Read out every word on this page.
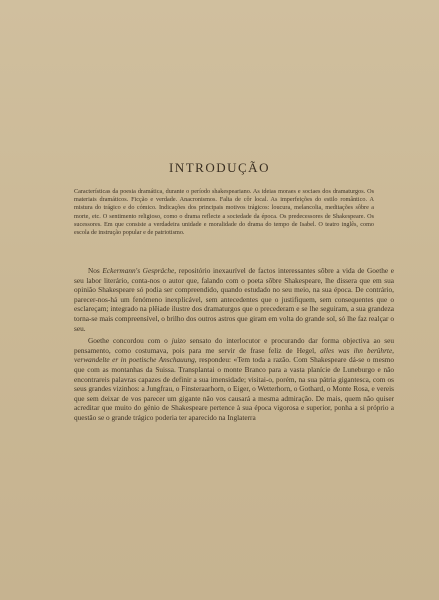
INTRODUÇÃO

Características da poesia dramática, durante o período shakespeariano. As ideias moraes e sociaes dos dramaturgos. Os materiais dramáticos. Ficção e verdade. Anacronismos. Falta de côr local. As imperfeições do estilo romântico. A mistura do trágico e do cómico. Indicações dos principais motivos trágicos: loucura, melancolia, meditações sôbre a morte, etc. O sentimento religioso, como o drama reflecte a sociedade da época. Os predecessores de Shakespeare. Os sucessores. Em que consiste a verdadeira unidade e moralidade do drama do tempo de Isabel. O teatro inglês, como escola de instrução popular e de patriotismo.

Nos Eckermann's Gespräche, repositório inexaurível de factos interessantes sôbre a vida de Goethe e seu labor literário, conta-nos o autor que, falando com o poeta sôbre Shakespeare, lhe dissera que em sua opinião Shakespeare só podia ser compreendido, quando estudado no seu meio, na sua época. De contrário, parecer-nos-há um fenómeno inexplicável, sem antecedentes que o justifiquem, sem consequentes que o esclareçam; integrado na plêiade ilustre dos dramaturgos que o precederam e se lhe seguiram, a sua grandeza torna-se mais compreensível, o brilho dos outros astros que giram em volta do grande sol, só lhe faz realçar o seu.

Goethe concordou com o juizo sensato do interlocutor e procurando dar forma objectiva ao seu pensamento, como costumava, pois para me servir de frase feliz de Hegel, alles was ihn berührte, verwandelte er in poetische Anschauung, respondeu: «Tem toda a razão. Com Shakespeare dá-se o mesmo que com as montanhas da Suissa. Transplantai o monte Branco para a vasta planície de Luneburgo e não encontrareis palavras capazes de definir a sua imensidade; visitai-o, porém, na sua pátria gigantesca, com os seus grandes vizinhos: a Jungfrau, o Finsteraarhorn, o Eiger, o Wetterhorn, o Gothard, o Monte Rosa, e vereis que sem deixar de vos parecer um gigante não vos causará a mesma admiração. De mais, quem não quiser acreditar que muito do génio de Shakespeare pertence à sua época vigorosa e superior, ponha a si próprio a questão se o grande trágico poderia ter aparecido na Inglaterra
